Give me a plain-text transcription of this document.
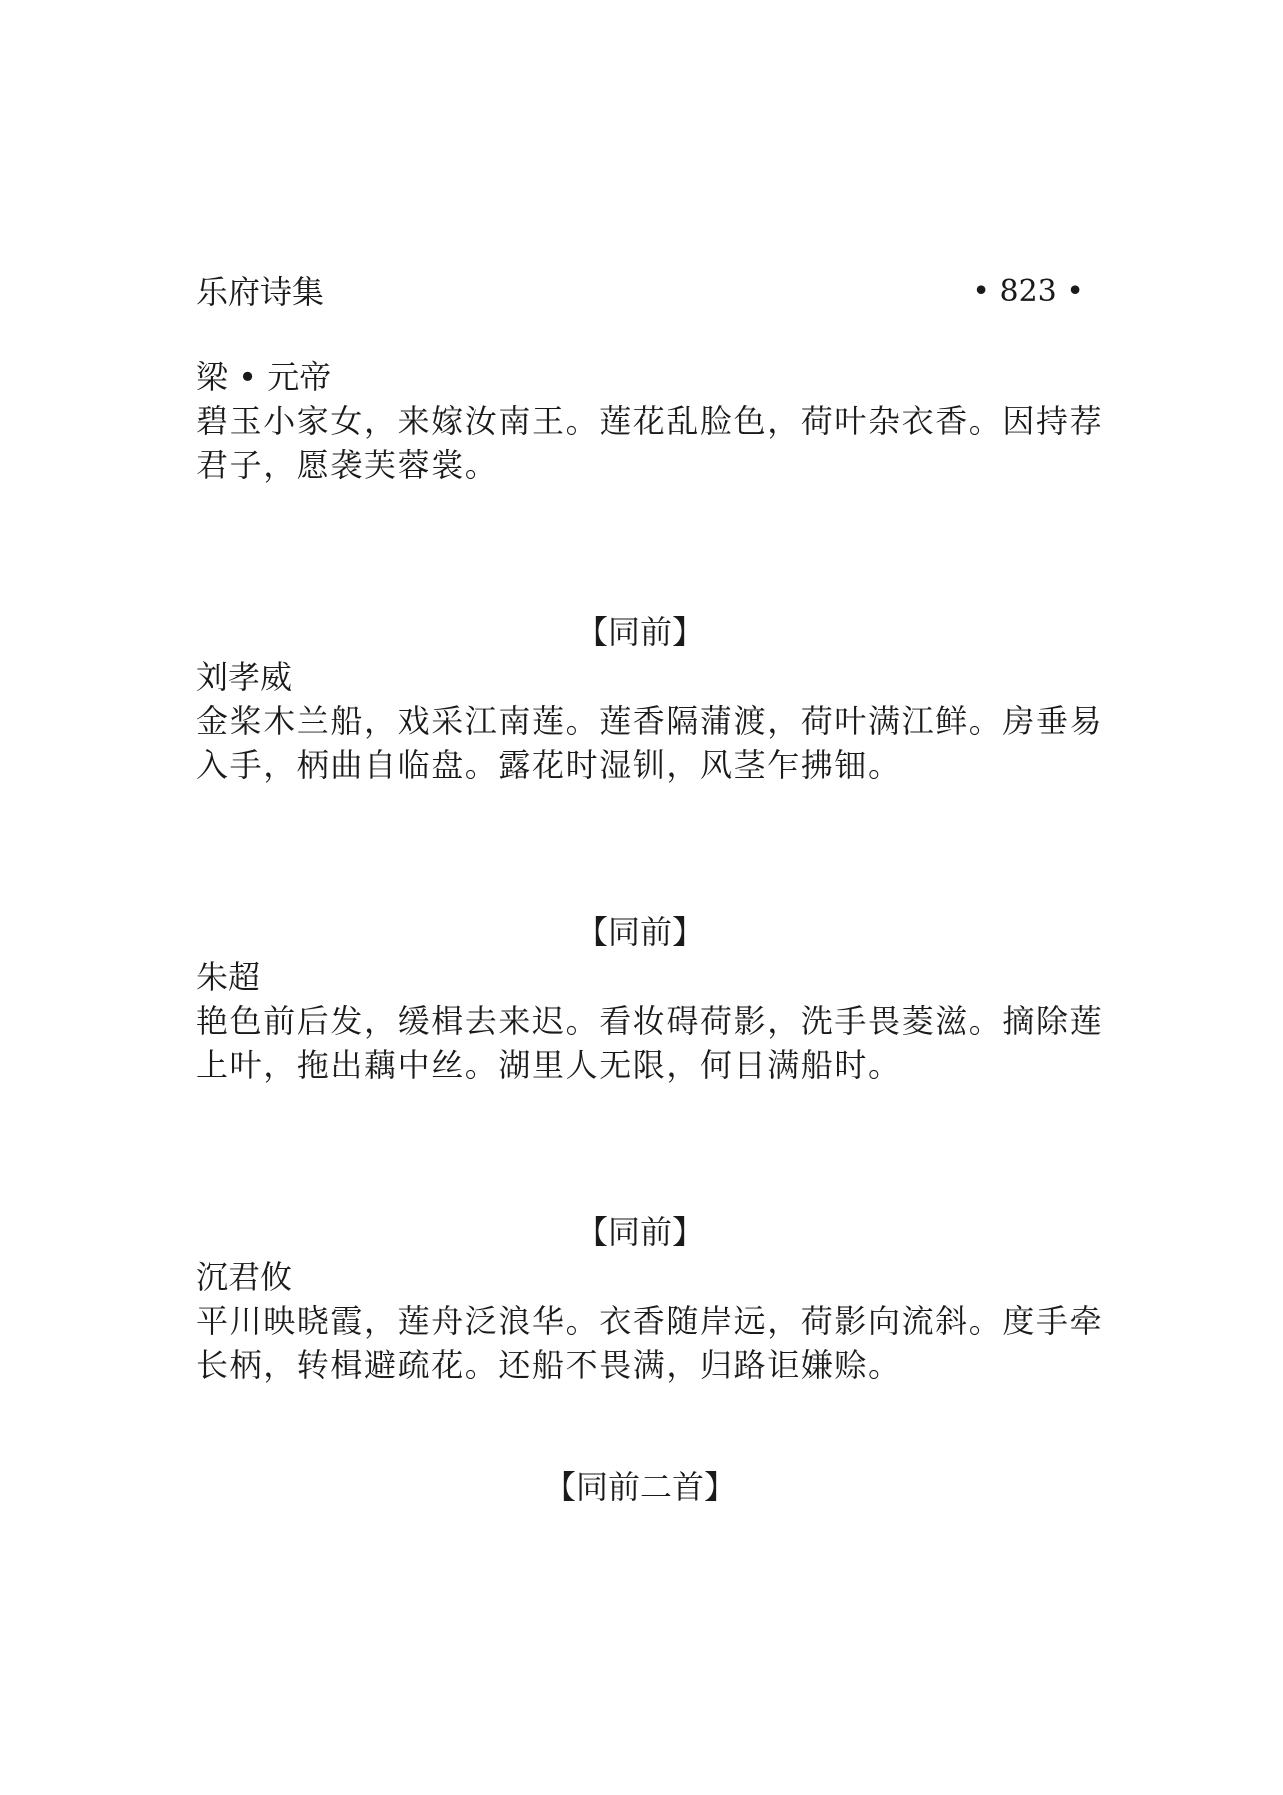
乐府诗集	• 823 •
梁 • 元帝
碧玉小家女，来嫁汝南王。莲花乱脸色，荷叶杂衣香。因持荐
君子，愿袭芙蓉裳。
【同前】
刘孝威
金桨木兰船，戏采江南莲。莲香隔蒲渡，荷叶满江鲜。房垂易
入手，柄曲自临盘。露花时湿钏，风茎乍拂钿。
【同前】
朱超
艳色前后发，缓楫去来迟。看妆碍荷影，洗手畏菱滋。摘除莲
上叶，拖出藕中丝。湖里人无限，何日满船时。
【同前】
沉君攸
平川映晓霞，莲舟泛浪华。衣香随岸远，荷影向流斜。度手牵
长柄，转楫避疏花。还船不畏满，归路讵嫌赊。
【同前二首】
